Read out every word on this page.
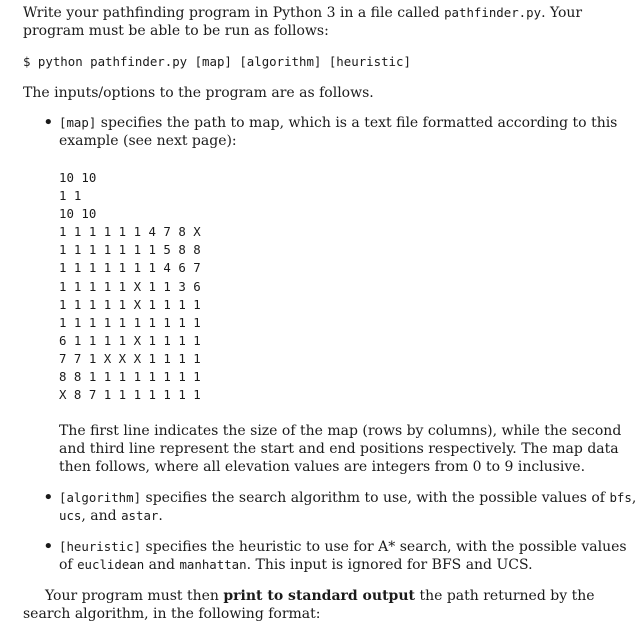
Write your pathfinding program in Python 3 in a file called pathfinder.py. Your
program must be able to be run as follows:
$ python pathfinder.py [map] [algorithm] [heuristic]
The inputs/options to the program are as follows.
• [map] specifies the path to map, which is a text file formatted according to this
example (see next page):
10 10
1 1
10 10
1 1 1 1 1 1 4 7 8 X
1 1 1 1 1 1 1 5 8 8
1 1 1 1 1 1 1 4 6 7
1 1 1 1 1 X 1 1 3 6
1 1 1 1 1 X 1 1 1 1
1 1 1 1 1 1 1 1 1 1
6 1 1 1 1 X 1 1 1 1
7 7 1 X X X 1 1 1 1
8 8 1 1 1 1 1 1 1 1
X 8 7 1 1 1 1 1 1 1
The first line indicates the size of the map (rows by columns), while the second
and third line represent the start and end positions respectively. The map data
then follows, where all elevation values are integers from 0 to 9 inclusive.
• [algorithm] specifies the search algorithm to use, with the possible values of bfs,
ucs, and astar.
• [heuristic] specifies the heuristic to use for A* search, with the possible values
of euclidean and manhattan. This input is ignored for BFS and UCS.
Your program must then print to standard output the path returned by the
search algorithm, in the following format:
